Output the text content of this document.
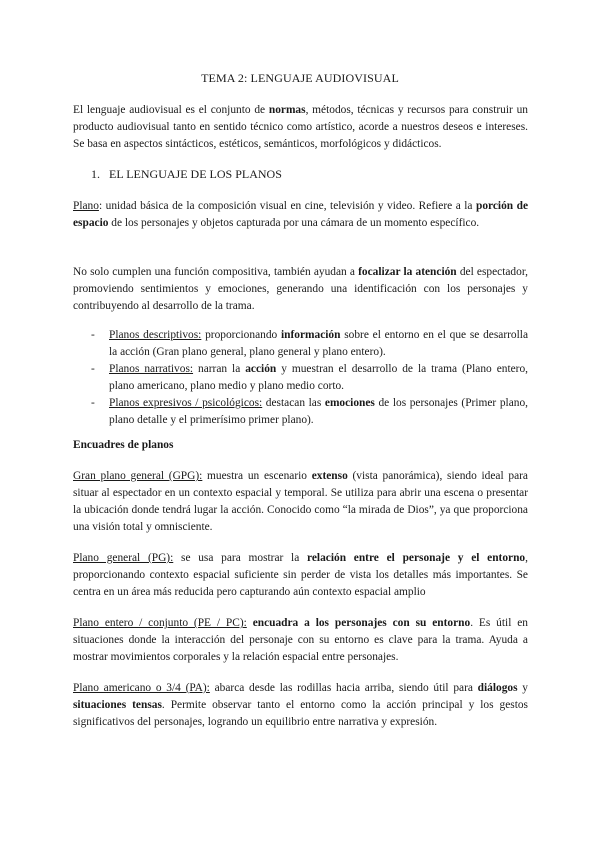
TEMA 2: LENGUAJE AUDIOVISUAL

El lenguaje audiovisual es el conjunto de normas, métodos, técnicas y recursos para construir un producto audiovisual tanto en sentido técnico como artístico, acorde a nuestros deseos e intereses. Se basa en aspectos sintácticos, estéticos, semánticos, morfológicos y didácticos.

1. EL LENGUAJE DE LOS PLANOS

Plano: unidad básica de la composición visual en cine, televisión y video. Refiere a la porción de espacio de los personajes y objetos capturada por una cámara de un momento específico.

No solo cumplen una función compositiva, también ayudan a focalizar la atención del espectador, promoviendo sentimientos y emociones, generando una identificación con los personajes y contribuyendo al desarrollo de la trama.

- Planos descriptivos: proporcionando información sobre el entorno en el que se desarrolla la acción (Gran plano general, plano general y plano entero).

- Planos narrativos: narran la acción y muestran el desarrollo de la trama (Plano entero, plano americano, plano medio y plano medio corto.

- Planos expresivos / psicológicos: destacan las emociones de los personajes (Primer plano, plano detalle y el primerísimo primer plano).

Encuadres de planos

Gran plano general (GPG): muestra un escenario extenso (vista panorámica), siendo ideal para situar al espectador en un contexto espacial y temporal. Se utiliza para abrir una escena o presentar la ubicación donde tendrá lugar la acción. Conocido como “la mirada de Dios”, ya que proporciona una visión total y omnisciente.

Plano general (PG): se usa para mostrar la relación entre el personaje y el entorno, proporcionando contexto espacial suficiente sin perder de vista los detalles más importantes. Se centra en un área más reducida pero capturando aún contexto espacial amplio

Plano entero / conjunto (PE / PC): encuadra a los personajes con su entorno. Es útil en situaciones donde la interacción del personaje con su entorno es clave para la trama. Ayuda a mostrar movimientos corporales y la relación espacial entre personajes.

Plano americano o 3/4 (PA): abarca desde las rodillas hacia arriba, siendo útil para diálogos y situaciones tensas. Permite observar tanto el entorno como la acción principal y los gestos significativos del personajes, logrando un equilibrio entre narrativa y expresión.
